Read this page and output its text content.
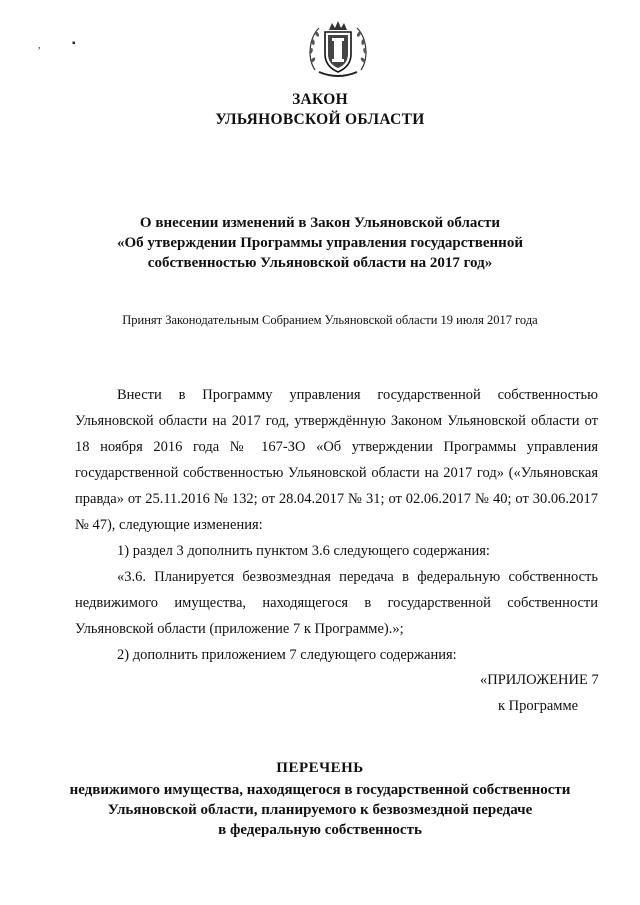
,	▪
ЗАКОН
УЛЬЯНОВСКОЙ ОБЛАСТИ
О внесении изменений в Закон Ульяновской области
«Об утверждении Программы управления государственной
собственностью Ульяновской области на 2017 год»
Принят Законодательным Собранием Ульяновской области 19 июля 2017 года
Внести в Программу управления государственной собственностью Ульяновской области на 2017 год, утверждённую Законом Ульяновской области от 18 ноября 2016 года № 167-ЗО «Об утверждении Программы управления государственной собственностью Ульяновской области на 2017 год» («Ульяновская правда» от 25.11.2016 № 132; от 28.04.2017 № 31; от 02.06.2017 № 40; от 30.06.2017 № 47), следующие изменения:
1) раздел 3 дополнить пунктом 3.6 следующего содержания:
«3.6. Планируется безвозмездная передача в федеральную собственность недвижимого имущества, находящегося в государственной собственности Ульяновской области (приложение 7 к Программе).»;
2) дополнить приложением 7 следующего содержания:
«ПРИЛОЖЕНИЕ 7
к Программе
ПЕРЕЧЕНЬ
недвижимого имущества, находящегося в государственной собственности
Ульяновской области, планируемого к безвозмездной передаче
в федеральную собственность
